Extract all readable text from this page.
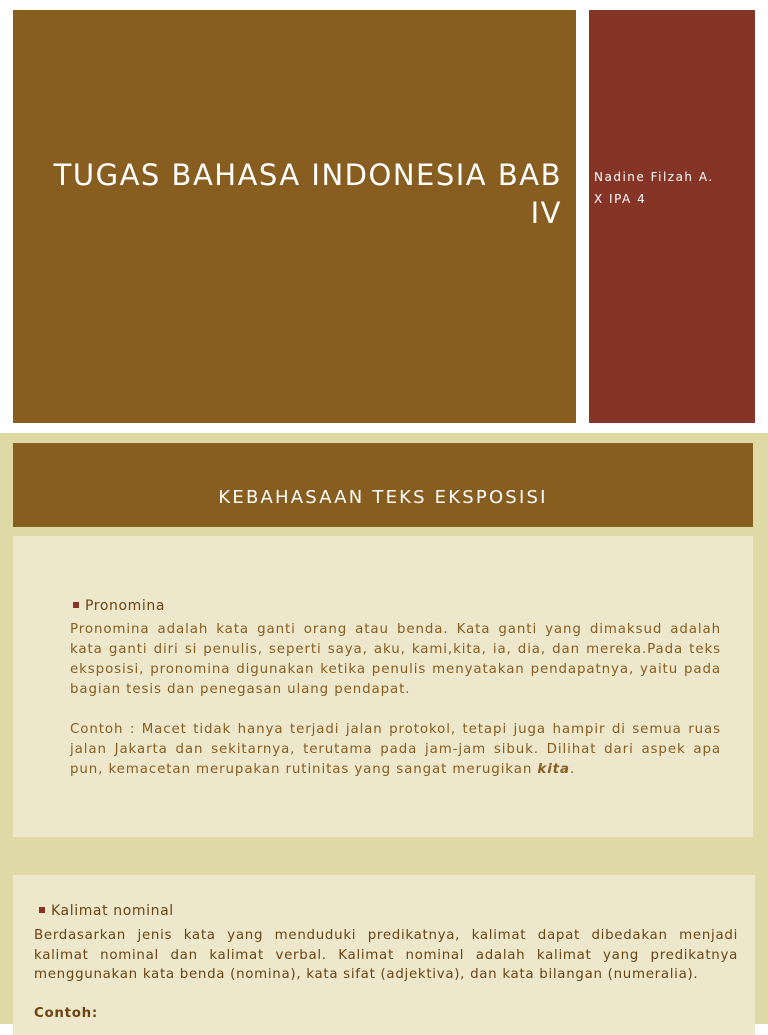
TUGAS BAHASA INDONESIA BAB IV
Nadine Filzah A.
X IPA 4
KEBAHASAAN TEKS EKSPOSISI
Pronomina

Pronomina adalah kata ganti orang atau benda. Kata ganti yang dimaksud adalah kata ganti diri si penulis, seperti saya, aku, kami,kita, ia, dia, dan mereka.Pada teks eksposisi, pronomina digunakan ketika penulis menyatakan pendapatnya, yaitu pada bagian tesis dan penegasan ulang pendapat.

Contoh : Macet tidak hanya terjadi jalan protokol, tetapi juga hampir di semua ruas jalan Jakarta dan sekitarnya, terutama pada jam-jam sibuk. Dilihat dari aspek apa pun, kemacetan merupakan rutinitas yang sangat merugikan kita.

Kalimat nominal

Berdasarkan jenis kata yang menduduki predikatnya, kalimat dapat dibedakan menjadi kalimat nominal dan kalimat verbal. Kalimat nominal adalah kalimat yang predikatnya menggunakan kata benda (nomina), kata sifat (adjektiva), dan kata bilangan (numeralia).

Contoh:
